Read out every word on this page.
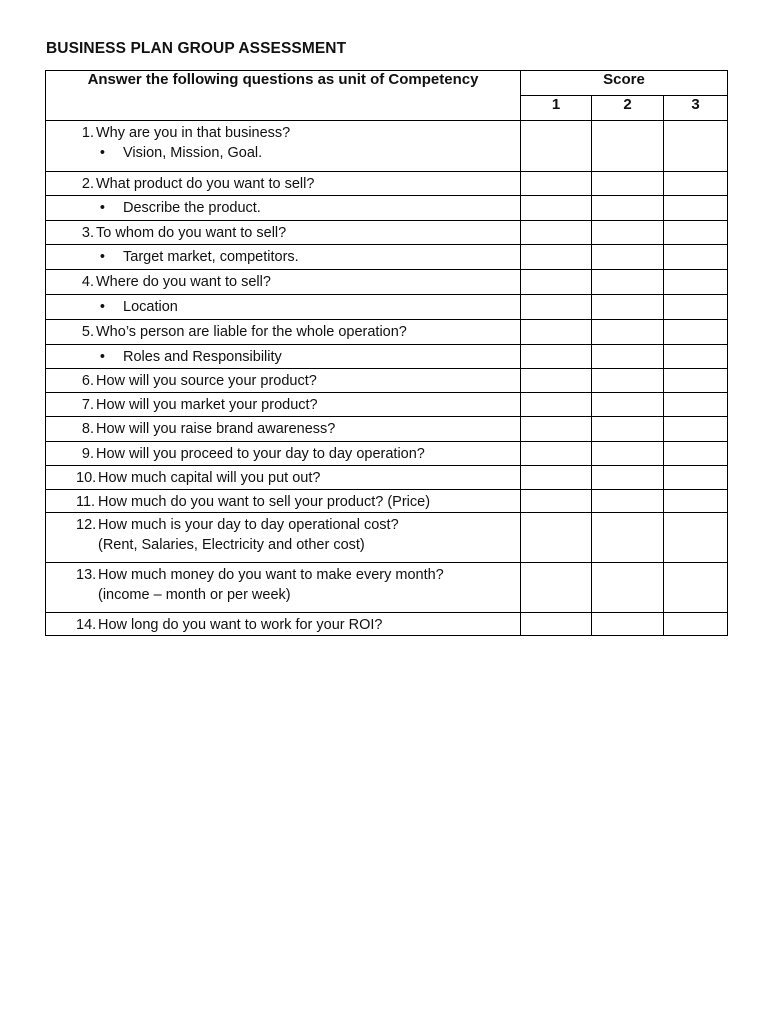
BUSINESS PLAN GROUP ASSESSMENT
Answer the following questions as unit of Competency	Score		
	1	2	3

1. Why are you in that business?
• Vision, Mission, Goal.			

2. What product do you want to sell?			

• Describe the product.			

3. To whom do you want to sell?			

• Target market, competitors.			

4. Where do you want to sell?			

• Location			

5. Who’s person are liable for the whole operation?			

• Roles and Responsibility			

6. How will you source your product?			

7. How will you market your product?			

8. How will you raise brand awareness?			

9. How will you proceed to your day to day operation?			

10. How much capital will you put out?			

11. How much do you want to sell your product? (Price)			

12. How much is your day to day operational cost?
(Rent, Salaries, Electricity and other cost)			

13. How much money do you want to make every month?
(income – month or per week)			

14. How long do you want to work for your ROI?			
